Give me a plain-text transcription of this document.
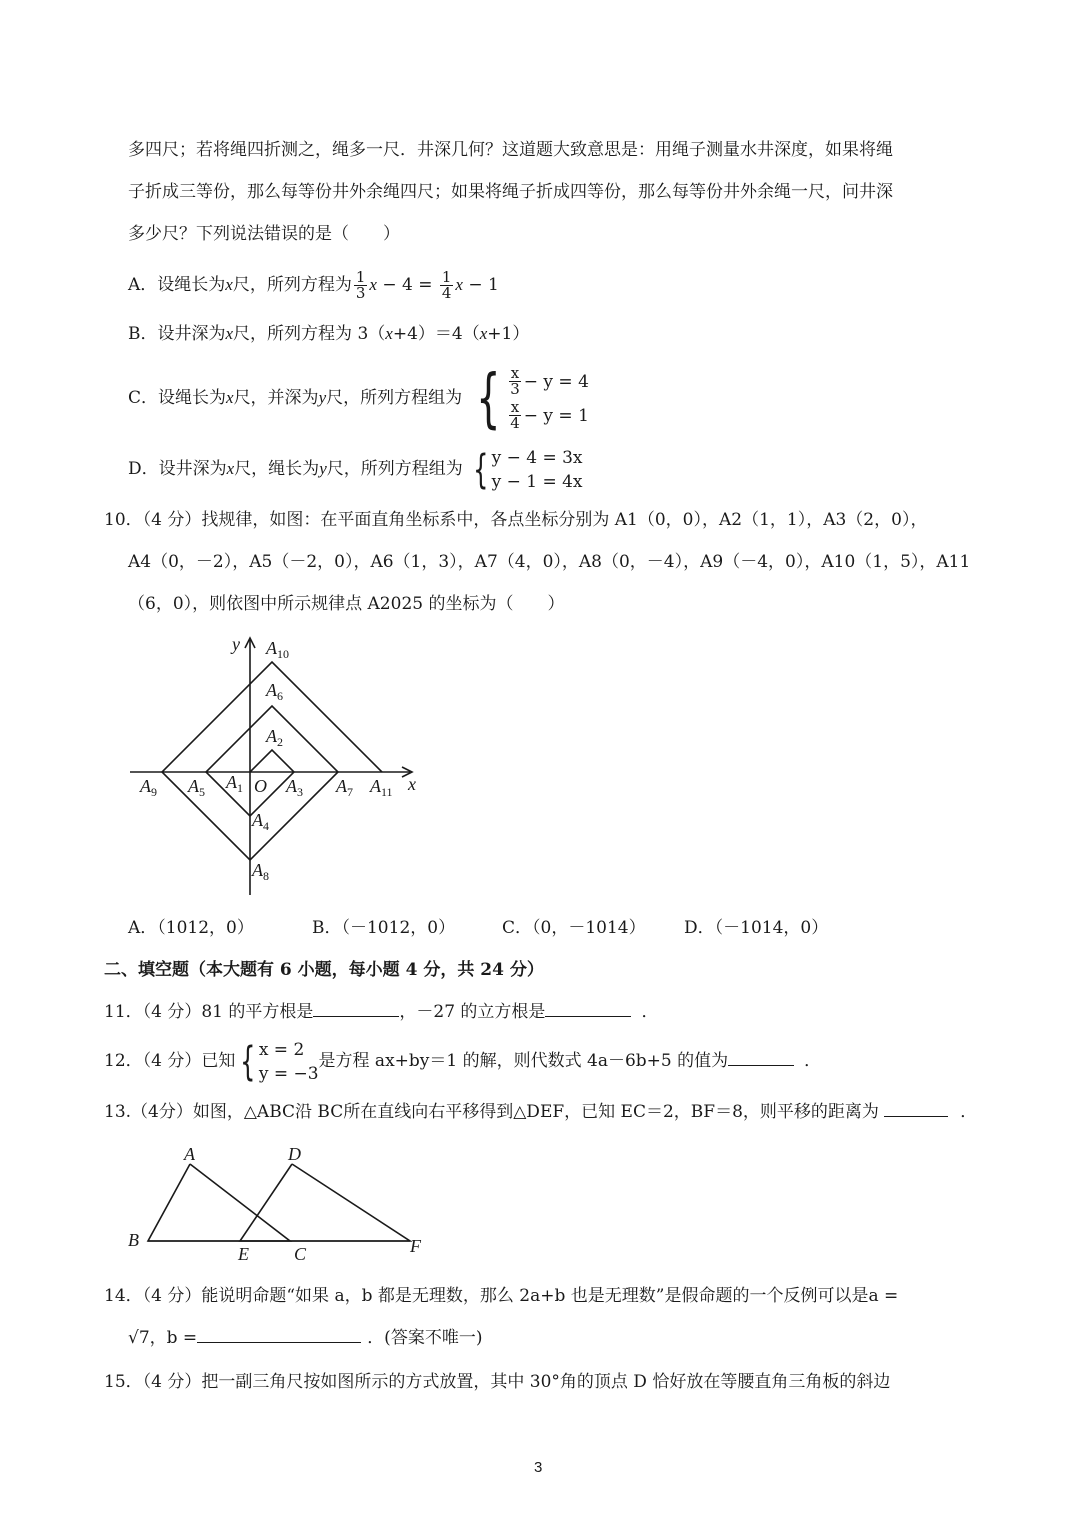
多四尺；若将绳四折测之，绳多一尺．井深几何？这道题大致意思是：用绳子测量水井深度，如果将绳
子折成三等份，那么每等份井外余绳四尺；如果将绳子折成四等份，那么每等份井外余绳一尺，问井深
多少尺？下列说法错误的是（　　）
A．设绳长为x尺，所列方程为 $\frac{1}{3}$ $x - 4 = \frac{1}{4}$ x − 1
B．设井深为x尺，所列方程为 3（x+4）＝4（x+1）
C．设绳长为x尺，并深为y尺，所列方程组为 { $\frac{x}{3} - y = 4$
$\frac{x}{4} - y = 1$
D．设井深为x尺，绳长为y尺，所列方程组为 { y − 4 = 3x
y − 1 = 4x
10．（4 分）找规律，如图：在平面直角坐标系中，各点坐标分别为 A1（0，0），A2（1，1），A3（2，0），
A4（0，－2），A5（－2，0），A6（1，3），A7（4，0），A8（0，－4），A9（－4，0），A10（1，5），A11
（6，0），则依图中所示规律点 A2025 的坐标为（　　）
y
x
O
$A_{10}$
$A_6$
$A_2$
$A_9$ $A_5$ $A_1$ $A_3$ $A_7$ $A_{11}$
$A_4$
$A_8$
A．（1012，0）	B．（－1012，0）	C．（0，－1014） D．（－1014，0）
二、填空题（本大题有 6 小题，每小题 4 分，共 24 分）
11．（4 分）81 的平方根是	，－27 的立方根是	．
12．（4 分）已知 { x = 2
y = −3
是方程 ax+by＝1 的解，则代数式 4a－6b+5 的值为	．
13.（4分）如图，△ABC沿 BC所在直线向右平移得到△DEF，已知 EC＝2，BF＝8，则平移的距离为	．
A
B
C
D
E	F
14．（4 分）能说明命题“如果 a，b 都是无理数，那么 2a+b 也是无理数”是假命题的一个反例可以是a =
√7，b =	．(答案不唯一)
15．（4 分）把一副三角尺按如图所示的方式放置，其中 30°角的顶点 D 恰好放在等腰直角三角板的斜边
3
